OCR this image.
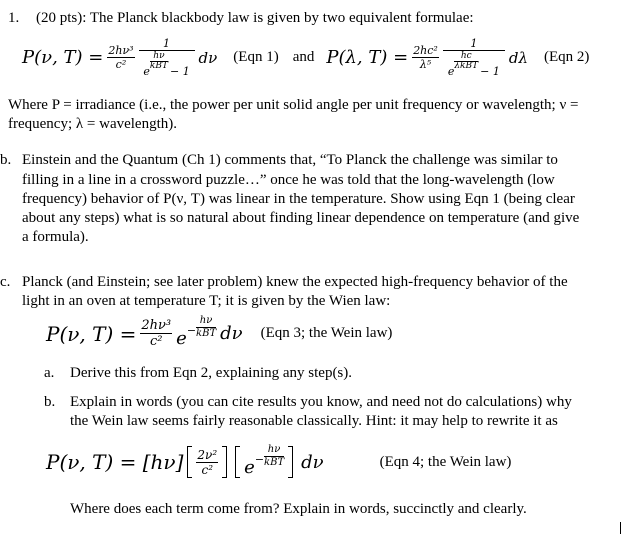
1. (20 pts): The Planck blackbody law is given by two equivalent formulae:
P(ν, $T) = \frac{\text{2hν³}}{\text{c²}} 1$
e
$\frac{h\nu}{\text{kBT}}$
− 1 dν (Eqn 1) and P(λ, $T) = \frac{\text{2hc²}}{\text{λ⁵}} 1$
e
$\frac{hc}{\text{λkBT}}$
− 1 dλ (Eqn 2)
Where P = irradiance (i.e., the power per unit solid angle per unit frequency or wavelength; ν =
frequency; λ = wavelength).
b. Einstein and the Quantum (Ch 1) comments that, “To Planck the challenge was similar to
filling in a line in a crossword puzzle…” once he was told that the long-wavelength (low
frequency) behavior of P(ν, T) was linear in the temperature. Show using Eqn 1 (being clear
about any steps) what is so natural about finding linear dependence on temperature (and give
a formula).
c. Planck (and Einstein; see later problem) knew the expected high-frequency behavior of the
light in an oven at temperature T; it is given by the Wien law:
P(ν, $T) = \frac{\text{2hν³}}{\text{c²}}$ $e - \frac{h\nu}{\text{kBT}}$ dν (Eqn 3; the Wein law)
a. Derive this from Eqn 2, explaining any step(s).
b. Explain in words (you can cite results you know, and need not do calculations) why
the Wein law seems fairly reasonable classically. Hint: it may help to rewrite it as
P(ν, $T) = [h\nu] \frac{\text{2ν²}}{\text{c²}}$ $e - \frac{h\nu}{\text{kBT}}$ dν	(Eqn 4; the Wein law)
Where does each term come from? Explain in words, succinctly and clearly.
